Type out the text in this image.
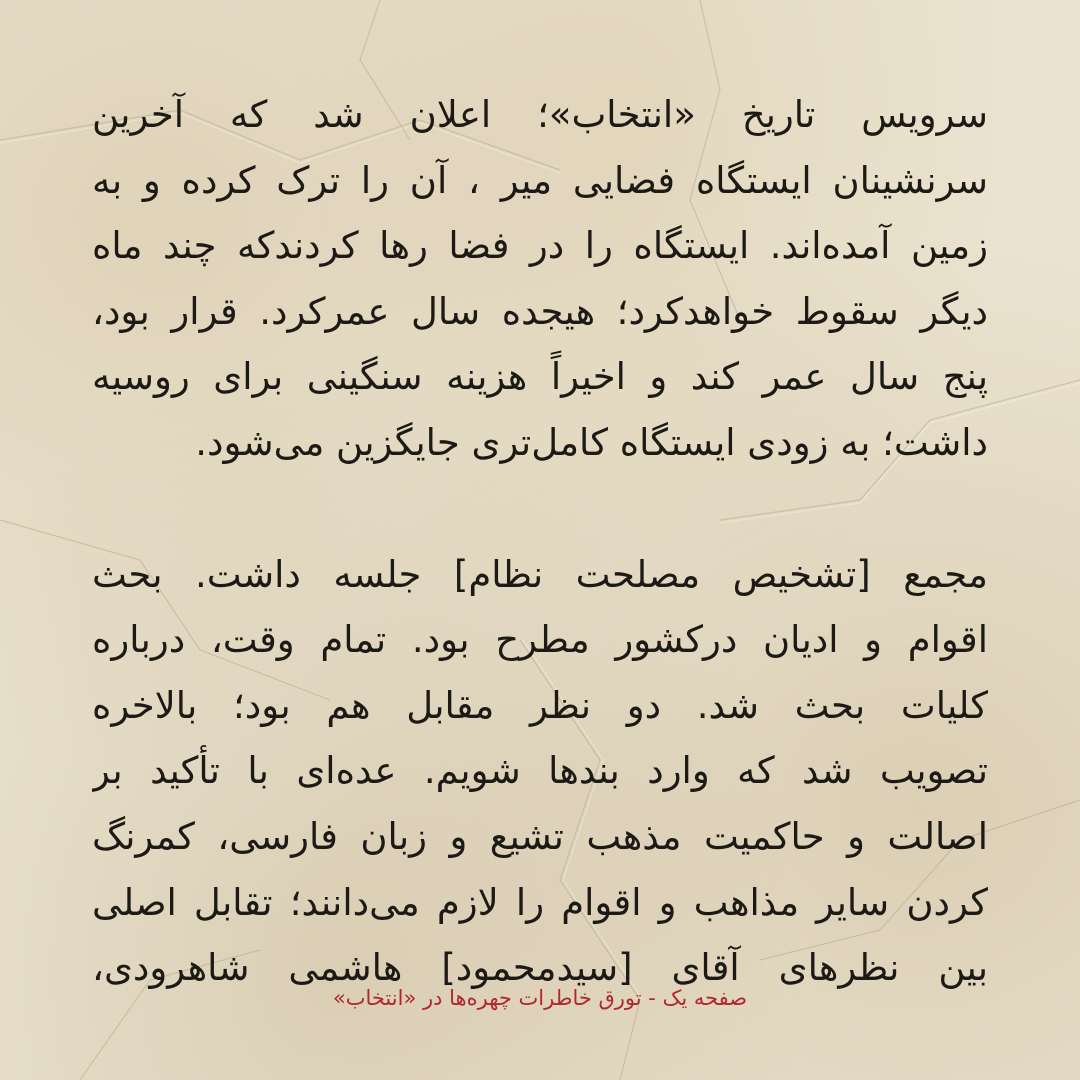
سرویس تاریخ «انتخاب»؛ اعلان شد که آخرین
سرنشینان ایستگاه فضایی میر ، آن را ترک کرده و به
زمین آمده‌اند. ایستگاه را در فضا رها کردندکه چند ماه
دیگر سقوط خواهدکرد؛ هیجده سال عمرکرد. قرار بود،
پنج سال عمر کند و اخیراً هزینه سنگینی برای روسیه
داشت؛ به زودی ایستگاه کامل‌تری جایگزین می‌شود.
مجمع [تشخیص مصلحت نظام] جلسه داشت. بحث
اقوام و ادیان درکشور مطرح بود. تمام وقت، درباره
کلیات بحث شد. دو نظر مقابل هم بود؛ بالاخره
تصویب شد که وارد بندها شویم. عده‌ای با تأکید بر
اصالت و حاکمیت مذهب تشیع و زبان فارسی، کمرنگ
کردن سایر مذاهب و اقوام را لازم می‌دانند؛ تقابل اصلی
بین نظرهای آقای [سیدمحمود] هاشمی شاهرودی،
صفحه یک - تورق خاطرات چهره‌ها در «انتخاب»
